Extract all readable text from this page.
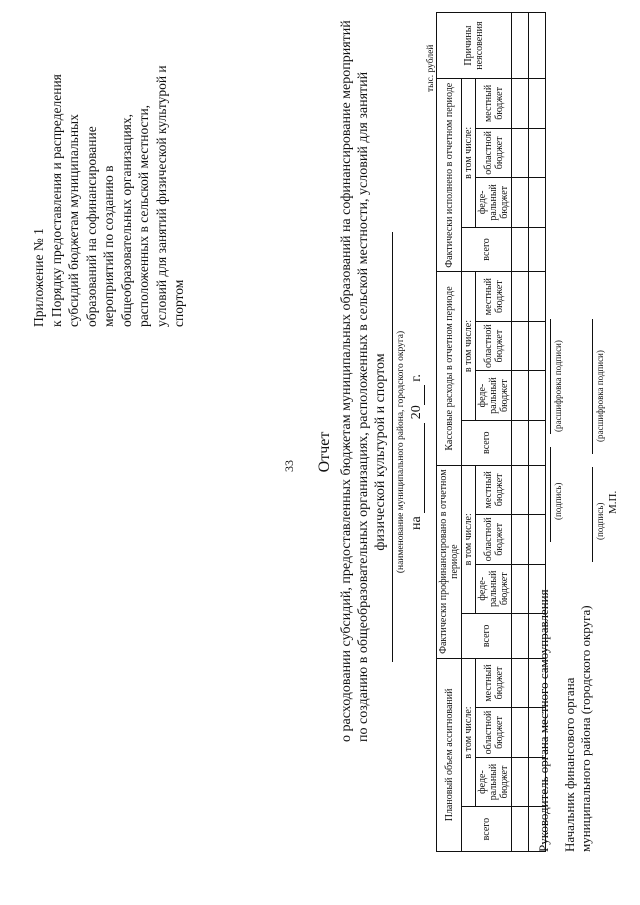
33
Приложение № 1 к Порядку предоставления и распределения субсидий бюджетам муниципальных образований на софинансирование мероприятий по созданию в общеобразовательных организациях, расположенных в сельской местности, условий для занятий физической культурой и спортом
Отчет о расходовании субсидий, предоставленных бюджетам муниципальных образований на софинансирование мероприятий по созданию в общеобразовательных организациях, расположенных в сельской местности, условий для занятий физической культурой и спортом (наименование муниципального района, городского округа) на  20 г.
тыс. рублей
Плановый объем ассигнований				Фактически профинансировано в отчетном периоде				Кассовые расходы в отчетном периоде				Фактически исполнено в отчетном периоде				Причины неясовения
всего	в том числе:			всего	в том числе:			всего	в том числе:			всего	в том числе:			
	феде-ральный бюджет	областной бюджет	местный бюджет		феде-ральный бюджет	областной бюджет	местный бюджет		феде-ральный бюджет	областной бюджет	местный бюджет		феде-ральный бюджет	областной бюджет	местный бюджет	

Руководитель органа местного самоуправления
(подпись)
(расшифровка подписи)
Начальник финансового органа муниципального района (городского округа)
(подпись)
(расшифровка подписи)
М.П.
